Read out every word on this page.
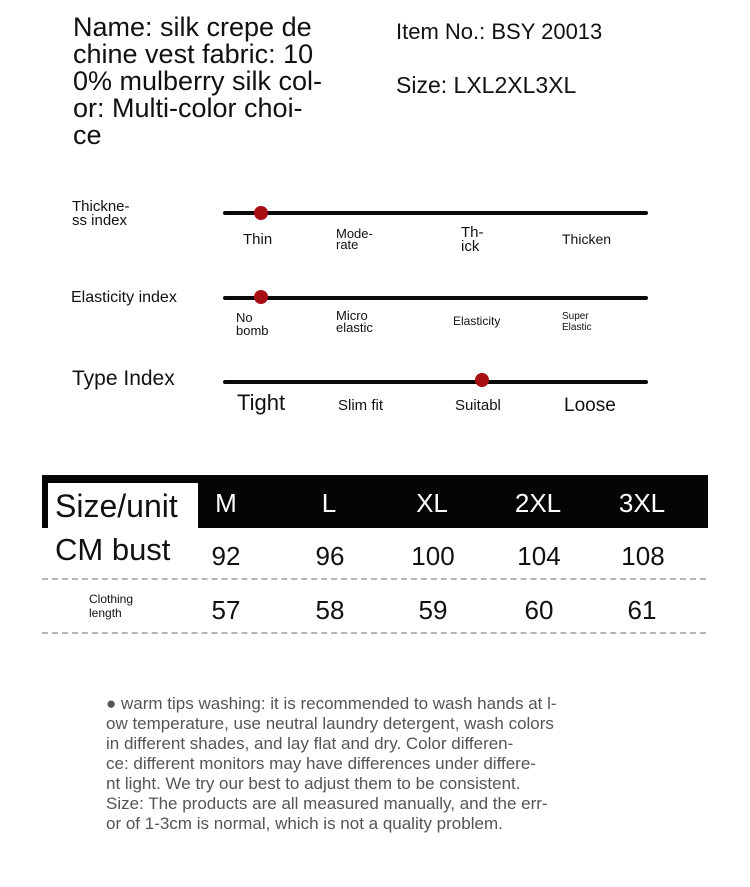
Name: silk crepe de
chine vest fabric: 10
0% mulberry silk col-
or: Multi-color choi-
ce
Item No.: BSY 20013
Size: LXL2XL3XL
Thickne-
ss index
Thin	Mode-
rate
Th-
ick	Thicken
Elasticity index
No
bomb
Micro
elastic	Elasticity	Super
Elastic
Type Index
Tight	Slim fit	Suitabl	Loose
Size/unit M	L	XL	2XL 3XL
CM bust 92	96	100 104 108
Clothing
length	57	58	59	60	61
● warm tips washing: it is recommended to wash hands at l-
ow temperature, use neutral laundry detergent, wash colors
in different shades, and lay flat and dry. Color differen-
ce: different monitors may have differences under differe-
nt light. We try our best to adjust them to be consistent.
Size: The products are all measured manually, and the err-
or of 1-3cm is normal, which is not a quality problem.
